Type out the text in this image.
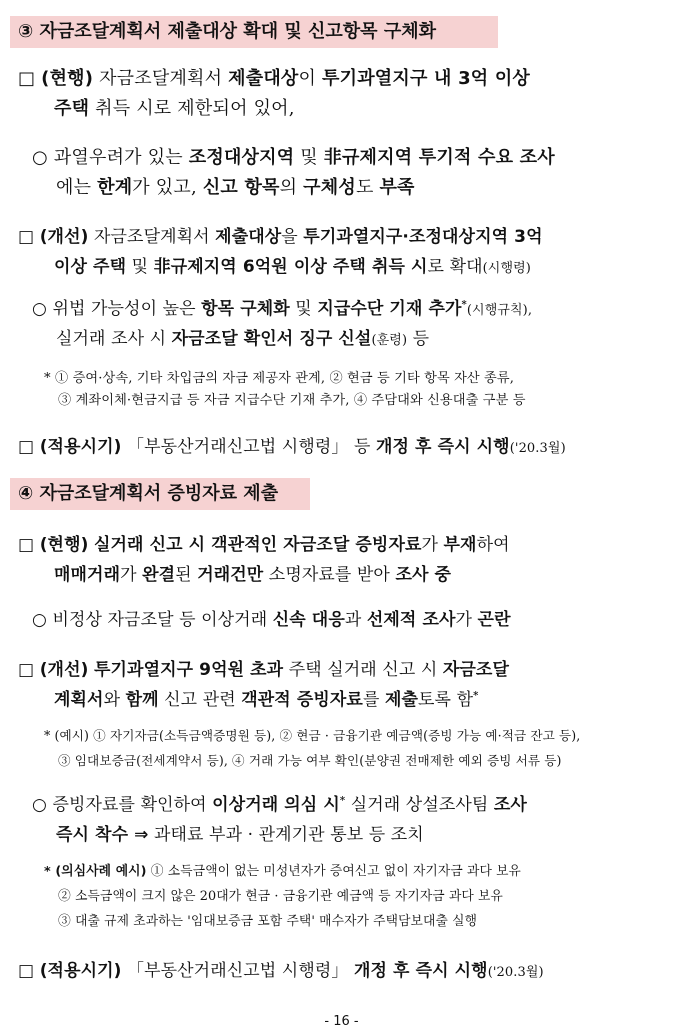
③ 자금조달계획서 제출대상 확대 및 신고항목 구체화
□ (현행) 자금조달계획서 제출대상이 투기과열지구 내 3억 이상
주택 취득 시로 제한되어 있어,
○ 과열우려가 있는 조정대상지역 및 非규제지역 투기적 수요 조사
에는 한계가 있고, 신고 항목의 구체성도 부족
□ (개선) 자금조달계획서 제출대상을 투기과열지구·조정대상지역 3억
이상 주택 및 非규제지역 6억원 이상 주택 취득 시로 확대(시행령)
○ 위법 가능성이 높은 항목 구체화 및 지급수단 기재 추가*(시행규칙),
실거래 조사 시 자금조달 확인서 징구 신설(훈령) 등
* ① 증여·상속, 기타 차입금의 자금 제공자 관계, ② 현금 등 기타 항목 자산 종류,
③ 계좌이체·현금지급 등 자금 지급수단 기재 추가, ④ 주담대와 신용대출 구분 등
□ (적용시기) 「부동산거래신고법 시행령」 등 개정 후 즉시 시행('20.3월)
④ 자금조달계획서 증빙자료 제출
□ (현행) 실거래 신고 시 객관적인 자금조달 증빙자료가 부재하여
매매거래가 완결된 거래건만 소명자료를 받아 조사 중
○ 비정상 자금조달 등 이상거래 신속 대응과 선제적 조사가 곤란
□ (개선) 투기과열지구 9억원 초과 주택 실거래 신고 시 자금조달
계획서와 함께 신고 관련 객관적 증빙자료를 제출토록 함*
* (예시) ① 자기자금(소득금액증명원 등), ② 현금 · 금융기관 예금액(증빙 가능 예·적금 잔고 등),
③ 임대보증금(전세계약서 등), ④ 거래 가능 여부 확인(분양권 전매제한 예외 증빙 서류 등)
○ 증빙자료를 확인하여 이상거래 의심 시* 실거래 상설조사팀 조사
즉시 착수 ⇒ 과태료 부과 · 관계기관 통보 등 조치
* (의심사례 예시) ① 소득금액이 없는 미성년자가 증여신고 없이 자기자금 과다 보유
② 소득금액이 크지 않은 20대가 현금 · 금융기관 예금액 등 자기자금 과다 보유
③ 대출 규제 초과하는 '임대보증금 포함 주택' 매수자가 주택담보대출 실행
□ (적용시기) 「부동산거래신고법 시행령」 개정 후 즉시 시행('20.3월)
- 16 -
